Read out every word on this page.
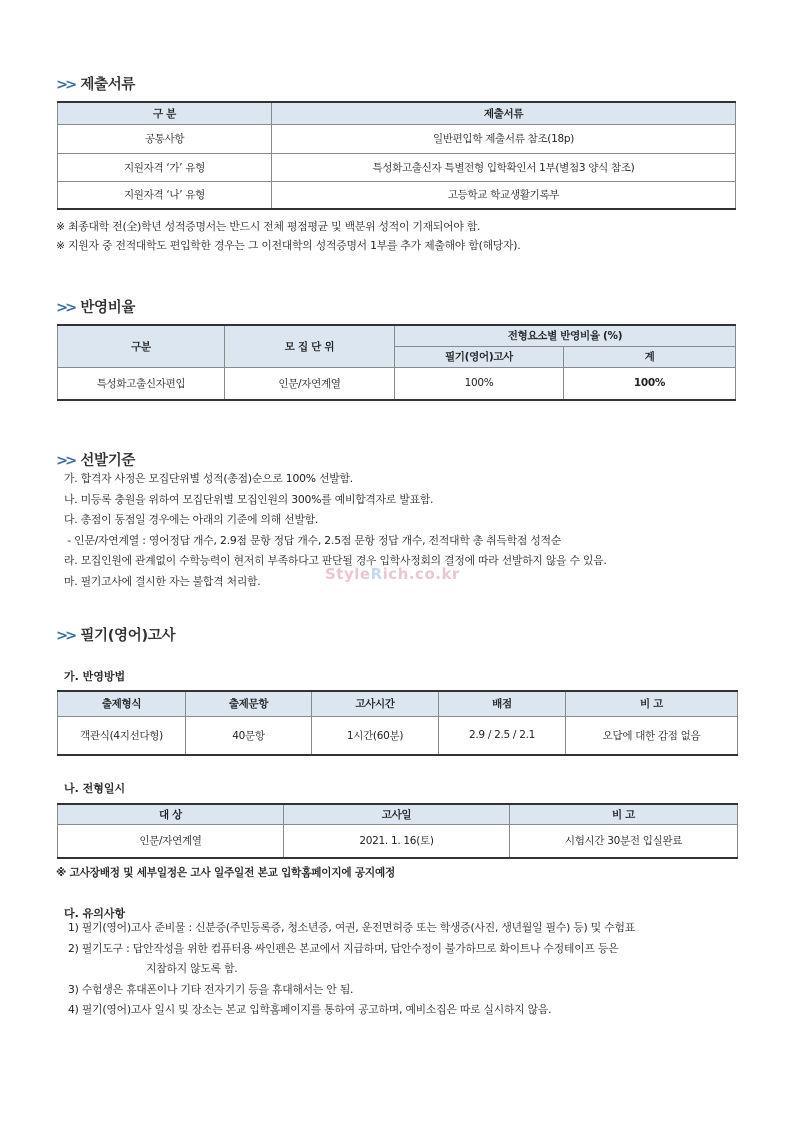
>> 제출서류
구 분	제출서류
공통사항	일반편입학 제출서류 참조(18p)
지원자격 ‘가’ 유형	특성화고출신자 특별전형 입학확인서 1부(별첨3 양식 참조)
지원자격 ‘나’ 유형	고등학교 학교생활기록부
※ 최종대학 전(全)학년 성적증명서는 반드시 전체 평점평균 및 백분위 성적이 기재되어야 함.
※ 지원자 중 전적대학도 편입학한 경우는 그 이전대학의 성적증명서 1부를 추가 제출해야 함(해당자).
>> 반영비율
구분	모 집 단 위	전형요소별 반영비율 (%)	
		필기(영어)고사	계
특성화고출신자편입	인문/자연계열	100%	100%
>> 선발기준
가. 합격자 사정은 모집단위별 성적(총점)순으로 100% 선발함.
나. 미등록 충원을 위하여 모집단위별 모집인원의 300%를 예비합격자로 발표함.
다. 총점이 동점일 경우에는 아래의 기준에 의해 선발함.
- 인문/자연계열 : 영어정답 개수, 2.9점 문항 정답 개수, 2.5점 문항 정답 개수, 전적대학 총 취득학점 성적순
라. 모집인원에 관계없이 수학능력이 현저히 부족하다고 판단될 경우 입학사정회의 결정에 따라 선발하지 않을 수 있음.
마. 필기고사에 결시한 자는 불합격 처리함.	StyleRich.co.kr
>> 필기(영어)고사
가. 반영방법
출제형식	출제문항	고사시간	배점	비 고
객관식(4지선다형)	40문항	1시간(60분)	2.9 / 2.5 / 2.1	오답에 대한 감점 없음
나. 전형일시
대 상	고사일	비 고
인문/자연계열	2021. 1. 16(토)	시험시간 30분전 입실완료
※ 고사장배정 및 세부일정은 고사 일주일전 본교 입학홈페이지에 공지예정
다. 유의사항
1) 필기(영어)고사 준비물 : 신분증(주민등록증, 청소년증, 여권, 운전면허증 또는 학생증(사진, 생년월일 필수) 등) 및 수험표
2) 필기도구 : 답안작성을 위한 컴퓨터용 싸인펜은 본교에서 지급하며, 답안수정이 불가하므로 화이트나 수정테이프 등은
지참하지 않도록 함.
3) 수험생은 휴대폰이나 기타 전자기기 등을 휴대해서는 안 됨.
4) 필기(영어)고사 일시 및 장소는 본교 입학홈페이지를 통하여 공고하며, 예비소집은 따로 실시하지 않음.
